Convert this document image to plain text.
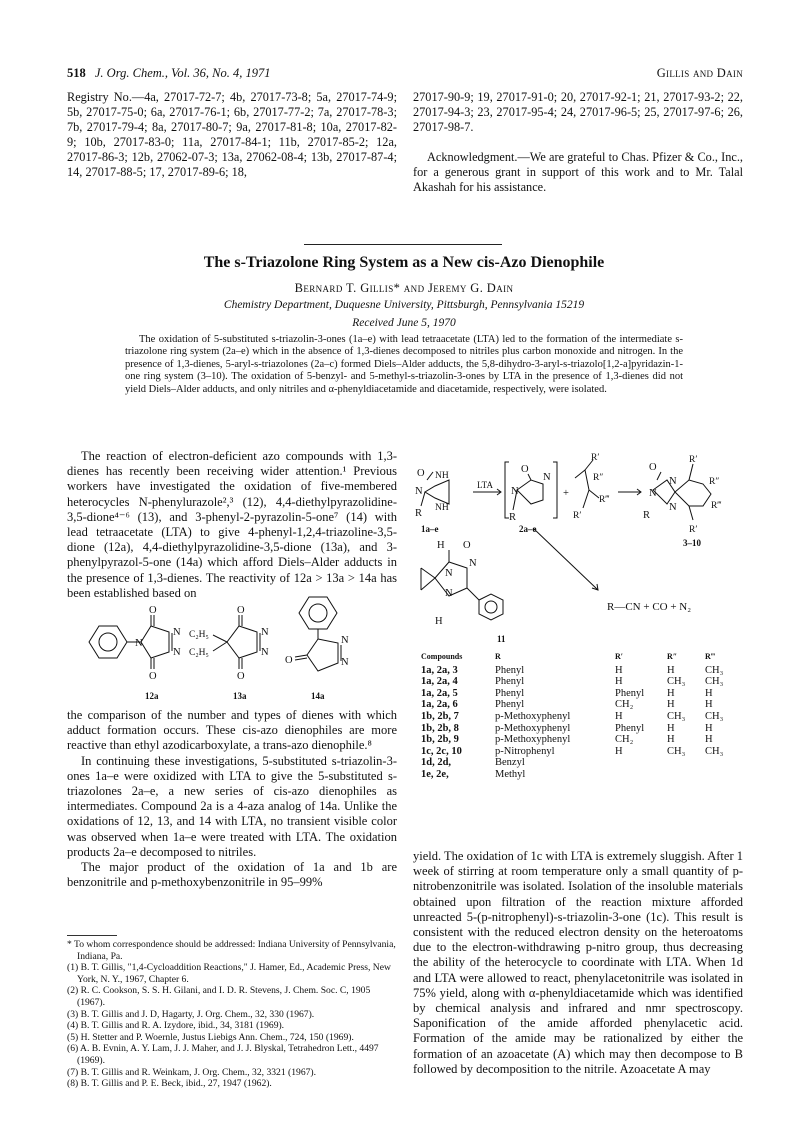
518 J. Org. Chem., Vol. 36, No. 4, 1971	Gillis and Dain

Registry No.—4a, 27017-72-7; 4b, 27017-73-8; 5a, 27017-74-9; 5b, 27017-75-0; 6a, 27017-76-1; 6b, 27017-77-2; 7a, 27017-78-3; 7b, 27017-79-4; 8a, 27017-80-7; 9a, 27017-81-8; 10a, 27017-82-9; 10b, 27017-83-0; 11a, 27017-84-1; 11b, 27017-85-2; 12a, 27017-86-3; 12b, 27062-07-3; 13a, 27062-08-4; 13b, 27017-87-4; 14, 27017-88-5; 17, 27017-89-6; 18,

27017-90-9; 19, 27017-91-0; 20, 27017-92-1; 21, 27017-93-2; 22, 27017-94-3; 23, 27017-95-4; 24, 27017-96-5; 25, 27017-97-6; 26, 27017-98-7.

Acknowledgment.—We are grateful to Chas. Pfizer & Co., Inc., for a generous grant in support of this work and to Mr. Talal Akashah for his assistance.

The s-Triazolone Ring System as a New cis-Azo Dienophile
Bernard T. Gillis* and Jeremy G. Dain
Chemistry Department, Duquesne University, Pittsburgh, Pennsylvania 15219
Received June 5, 1970
The oxidation of 5-substituted s-triazolin-3-ones (1a–e) with lead tetraacetate (LTA) led to the formation of the intermediate s-triazolone ring system (2a–e) which in the absence of 1,3-dienes decomposed to nitriles plus carbon monoxide and nitrogen. In the presence of 1,3-dienes, 5-aryl-s-triazolones (2a–c) formed Diels–Alder adducts, the 5,8-dihydro-3-aryl-s-triazolo[1,2-a]pyridazin-1-one ring system (3–10). The oxidation of 5-benzyl- and 5-methyl-s-triazolin-3-ones by LTA in the presence of 1,3-dienes did not yield Diels–Alder adducts, and only nitriles and α-phenyldiacetamide and diacetamide, respectively, were isolated.

The reaction of electron-deficient azo compounds with 1,3-dienes has recently been receiving wider attention.¹ Previous workers have investigated the oxidation of five-membered heterocycles N-phenylurazole²,³ (12), 4,4-diethylpyrazolidine-3,5-dione⁴⁻⁶ (13), and 3-phenyl-2-pyrazolin-5-one⁷ (14) with lead tetraacetate (LTA) to give 4-phenyl-1,2,4-triazoline-3,5-dione (12a), 4,4-diethylpyrazolidine-3,5-dione (13a), and 3-phenylpyrazol-5-one (14a) which afford Diels–Alder adducts in the presence of 1,3-dienes. The reactivity of 12a > 13a > 14a has been established based on

O
O
N
N
N
O
O
N
N
C₂H₅
C₂H₅
N
N
O
12a	13a	14a

the comparison of the number and types of dienes with which adduct formation occurs. These cis-azo dienophiles are more reactive than ethyl azodicarboxylate, a trans-azo dienophile.⁸

In continuing these investigations, 5-substituted s-triazolin-3-ones 1a–e were oxidized with LTA to give the 5-substituted s-triazolones 2a–e, a new series of cis-azo dienophiles as intermediates. Compound 2a is a 4-aza analog of 14a. Unlike the oxidations of 12, 13, and 14 with LTA, no transient visible color was observed when 1a–e were treated with LTA. The oxidation products 2a–e decomposed to nitriles.

The major product of the oxidation of 1a and 1b are benzonitrile and p-methoxybenzonitrile in 95–99%

* To whom correspondence should be addressed: Indiana University of Pennsylvania, Indiana, Pa.

(1) B. T. Gillis, "1,4-Cycloaddition Reactions," J. Hamer, Ed., Academic Press, New York, N. Y., 1967, Chapter 6.

(2) R. C. Cookson, S. S. H. Gilani, and I. D. R. Stevens, J. Chem. Soc. C, 1905 (1967).

(3) B. T. Gillis and J. D, Hagarty, J. Org. Chem., 32, 330 (1967).

(4) B. T. Gillis and R. A. Izydore, ibid., 34, 3181 (1969).

(5) H. Stetter and P. Woernle, Justus Liebigs Ann. Chem., 724, 150 (1969).

(6) A. B. Evnin, A. Y. Lam, J. J. Maher, and J. J. Blyskal, Tetrahedron Lett., 4497 (1969).

(7) B. T. Gillis and R. Weinkam, J. Org. Chem., 32, 3321 (1967).

(8) B. T. Gillis and P. E. Beck, ibid., 27, 1947 (1962).

O NH
N
NH
R
1a–e
LTA
O
N
N
R
2a–e
+
R′
R″
R‴
R′
O
N
N
N
R
R′
R″
R‴
R′
3–10
H O
N
N
N
H
11
R—CN + CO + N₂
Compounds	R	R′	R″	R‴
1a, 2a, 3	Phenyl	H	H	CH₃
1a, 2a, 4	Phenyl	H	CH₃	CH₃
1a, 2a, 5	Phenyl	Phenyl	H	H
1a, 2a, 6	Phenyl	CH₂	H	H
1b, 2b, 7	p-Methoxyphenyl	H	CH₃	CH₃
1b, 2b, 8	p-Methoxyphenyl	Phenyl	H	H
1b, 2b, 9	p-Methoxyphenyl	CH₂	H	H
1c, 2c, 10	p-Nitrophenyl	H	CH₃	CH₃
1d, 2d,	Benzyl			
1e, 2e,	Methyl			

yield. The oxidation of 1c with LTA is extremely sluggish. After 1 week of stirring at room temperature only a small quantity of p-nitrobenzonitrile was isolated. Isolation of the insoluble materials obtained upon filtration of the reaction mixture afforded unreacted 5-(p-nitrophenyl)-s-triazolin-3-one (1c). This result is consistent with the reduced electron density on the heteroatoms due to the electron-withdrawing p-nitro group, thus decreasing the ability of the heterocycle to coordinate with LTA. When 1d and LTA were allowed to react, phenylacetonitrile was isolated in 75% yield, along with α-phenyldiacetamide which was identified by chemical analysis and infrared and nmr spectroscopy. Saponification of the amide afforded phenylacetic acid. Formation of the amide may be rationalized by either the formation of an azoacetate (A) which may then decompose to B followed by decomposition to the nitrile. Azoacetate A may
